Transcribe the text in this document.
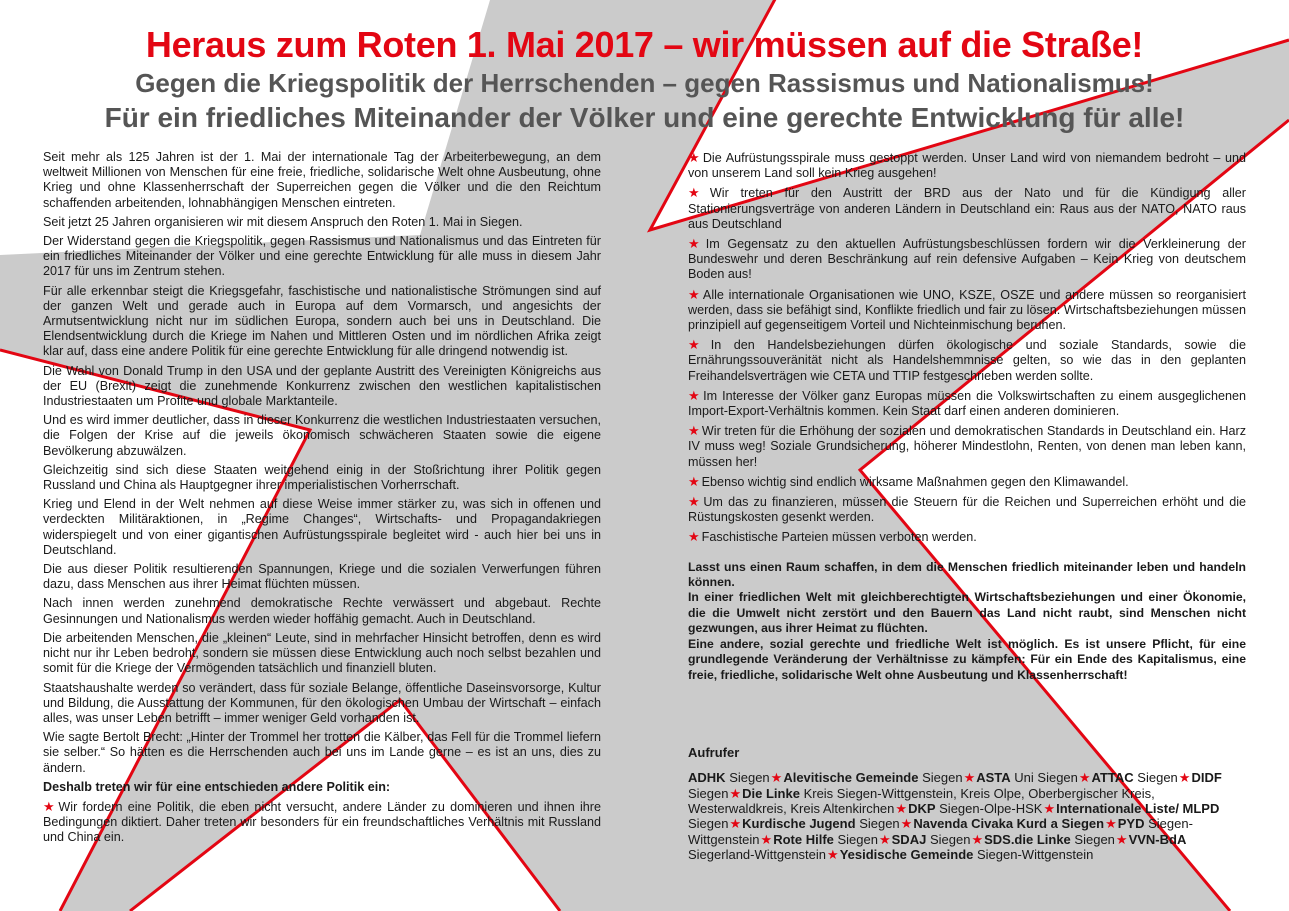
Heraus zum Roten 1. Mai 2017 – wir müssen auf die Straße!
Gegen die Kriegspolitik der Herrschenden – gegen Rassismus und Nationalismus!
Für ein friedliches Miteinander der Völker und eine gerechte Entwicklung für alle!

Seit mehr als 125 Jahren ist der 1. Mai der internationale Tag der Arbeiterbewegung, an dem weltweit Millionen von Menschen für eine freie, friedliche, solidarische Welt ohne Ausbeutung, ohne Krieg und ohne Klassenherrschaft der Superreichen gegen die Völker und die den Reichtum schaffenden arbeitenden, lohnabhängigen Menschen eintreten.

Seit jetzt 25 Jahren organisieren wir mit diesem Anspruch den Roten 1. Mai in Siegen.

Der Widerstand gegen die Kriegspolitik, gegen Rassismus und Nationalismus und das Eintreten für ein friedliches Miteinander der Völker und eine gerechte Entwicklung für alle muss in diesem Jahr 2017 für uns im Zentrum stehen.

Für alle erkennbar steigt die Kriegsgefahr, faschistische und nationalistische Strömungen sind auf der ganzen Welt und gerade auch in Europa auf dem Vormarsch, und angesichts der Armutsentwicklung nicht nur im südlichen Europa, sondern auch bei uns in Deutschland. Die Elendsentwicklung durch die Kriege im Nahen und Mittleren Osten und im nördlichen Afrika zeigt klar auf, dass eine andere Politik für eine gerechte Entwicklung für alle dringend notwendig ist.

Die Wahl von Donald Trump in den USA und der geplante Austritt des Vereinigten Königreichs aus der EU (Brexit) zeigt die zunehmende Konkurrenz zwischen den westlichen kapitalistischen Industriestaaten um Profite und globale Marktanteile.

Und es wird immer deutlicher, dass in dieser Konkurrenz die westlichen Industriestaaten versuchen, die Folgen der Krise auf die jeweils ökonomisch schwächeren Staaten sowie die eigene Bevölkerung abzuwälzen.

Gleichzeitig sind sich diese Staaten weitgehend einig in der Stoßrichtung ihrer Politik gegen Russland und China als Hauptgegner ihrer imperialistischen Vorherrschaft.

Krieg und Elend in der Welt nehmen auf diese Weise immer stärker zu, was sich in offenen und verdeckten Militäraktionen, in „Regime Changes“, Wirtschafts- und Propagandakriegen widerspiegelt und von einer gigantischen Aufrüstungsspirale begleitet wird - auch hier bei uns in Deutschland.

Die aus dieser Politik resultierenden Spannungen, Kriege und die sozialen Verwerfungen führen dazu, dass Menschen aus ihrer Heimat flüchten müssen.

Nach innen werden zunehmend demokratische Rechte verwässert und abgebaut. Rechte Gesinnungen und Nationalismus werden wieder hoffähig gemacht. Auch in Deutschland.

Die arbeitenden Menschen, die „kleinen“ Leute, sind in mehrfacher Hinsicht betroffen, denn es wird nicht nur ihr Leben bedroht, sondern sie müssen diese Entwicklung auch noch selbst bezahlen und somit für die Kriege der Vermögenden tatsächlich und finanziell bluten.

Staatshaushalte werden so verändert, dass für soziale Belange, öffentliche Daseinsvorsorge, Kultur und Bildung, die Ausstattung der Kommunen, für den ökologischen Umbau der Wirtschaft – einfach alles, was unser Leben betrifft – immer weniger Geld vorhanden ist.

Wie sagte Bertolt Brecht: „Hinter der Trommel her trotten die Kälber, das Fell für die Trommel liefern sie selber.“ So hätten es die Herrschenden auch bei uns im Lande gerne – es ist an uns, dies zu ändern.

Deshalb treten wir für eine entschieden andere Politik ein:

★ Wir fordern eine Politik, die eben nicht versucht, andere Länder zu dominieren und ihnen ihre Bedingungen diktiert. Daher treten wir besonders für ein freundschaftliches Verhältnis mit Russland und China ein.

★ Die Aufrüstungsspirale muss gestoppt werden. Unser Land wird von niemandem bedroht – und von unserem Land soll kein Krieg ausgehen!

★ Wir treten für den Austritt der BRD aus der Nato und für die Kündigung aller Stationierungsverträge von anderen Ländern in Deutschland ein: Raus aus der NATO, NATO raus aus Deutschland

★ Im Gegensatz zu den aktuellen Aufrüstungsbeschlüssen fordern wir die Verkleinerung der Bundeswehr und deren Beschränkung auf rein defensive Aufgaben – Kein Krieg von deutschem Boden aus!

★ Alle internationale Organisationen wie UNO, KSZE, OSZE und andere müssen so reorganisiert werden, dass sie befähigt sind, Konflikte friedlich und fair zu lösen. Wirtschaftsbeziehungen müssen prinzipiell auf gegenseitigem Vorteil und Nichteinmischung beruhen.

★ In den Handelsbeziehungen dürfen ökologische und soziale Standards, sowie die Ernährungssouveränität nicht als Handelshemmnisse gelten, so wie das in den geplanten Freihandelsverträgen wie CETA und TTIP festgeschrieben werden sollte.

★ Im Interesse der Völker ganz Europas müssen die Volkswirtschaften zu einem ausgeglichenen Import-Export-Verhältnis kommen. Kein Staat darf einen anderen dominieren.

★ Wir treten für die Erhöhung der sozialen und demokratischen Standards in Deutschland ein. Harz IV muss weg! Soziale Grundsicherung, höherer Mindestlohn, Renten, von denen man leben kann, müssen her!

★ Ebenso wichtig sind endlich wirksame Maßnahmen gegen den Klimawandel.

★ Um das zu finanzieren, müssen die Steuern für die Reichen und Superreichen erhöht und die Rüstungskosten gesenkt werden.

★ Faschistische Parteien müssen verboten werden.

Lasst uns einen Raum schaffen, in dem die Menschen friedlich miteinander leben und handeln können.

In einer friedlichen Welt mit gleichberechtigten Wirtschaftsbeziehungen und einer Ökonomie, die die Umwelt nicht zerstört und den Bauern das Land nicht raubt, sind Menschen nicht gezwungen, aus ihrer Heimat zu flüchten.

Eine andere, sozial gerechte und friedliche Welt ist möglich. Es ist unsere Pflicht, für eine grundlegende Veränderung der Verhältnisse zu kämpfen: Für ein Ende des Kapitalismus, eine freie, friedliche, solidarische Welt ohne Ausbeutung und Klassenherrschaft!

Aufrufer
ADHK Siegen★Alevitische Gemeinde Siegen★ASTA Uni Siegen★ATTAC Siegen★DIDF Siegen★Die Linke Kreis Siegen-Wittgenstein, Kreis Olpe, Oberbergischer Kreis, Westerwaldkreis, Kreis Altenkirchen★DKP Siegen-Olpe-HSK★Internationale Liste/ MLPD Siegen★Kurdische Jugend Siegen★Navenda Civaka Kurd a Siegen★PYD Siegen-Wittgenstein★Rote Hilfe Siegen★SDAJ Siegen★SDS.die Linke Siegen★VVN-BdA Siegerland-Wittgenstein★Yesidische Gemeinde Siegen-Wittgenstein
